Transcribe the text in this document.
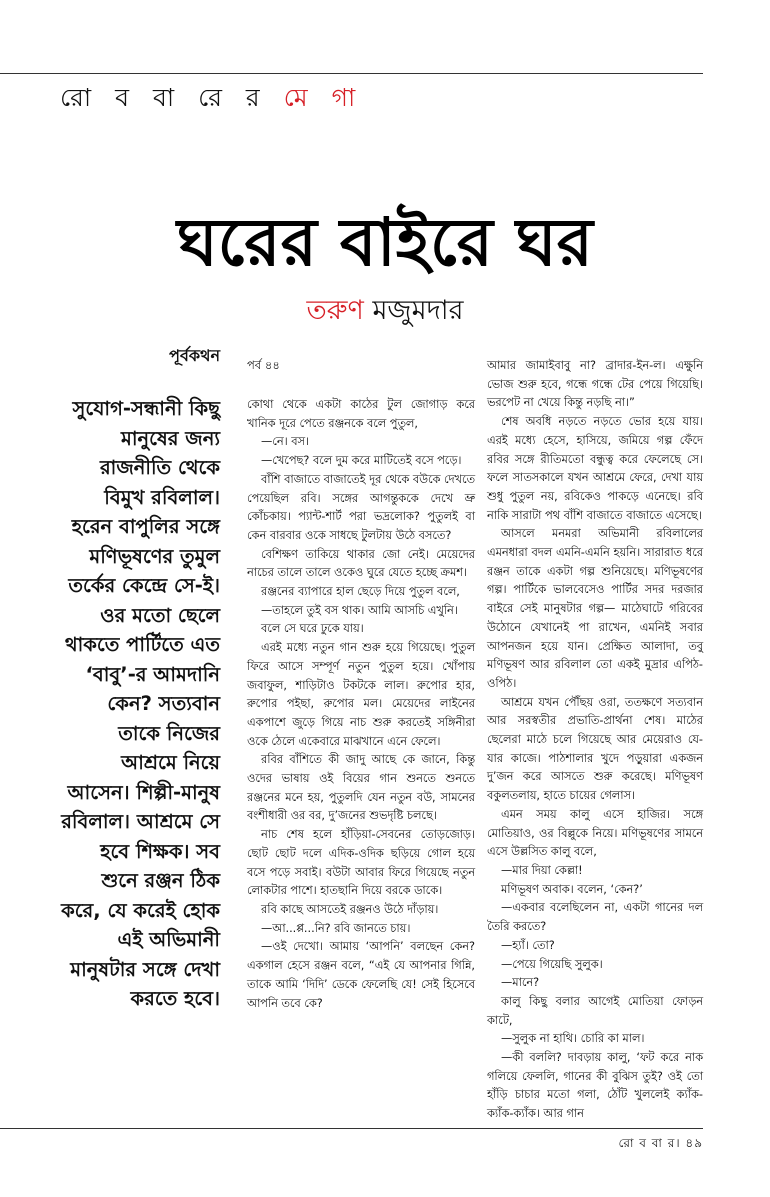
রো ব বা রে র মে গা
ঘরের বাইরে ঘর
তরুণ মজুমদার
পূর্বকথন
সুযোগ-সন্ধানী কিছু মানুষের জন্য রাজনীতি থেকে বিমুখ রবিলাল। হরেন বাপুলির সঙ্গে মণিভূষণের তুমুল তর্কের কেন্দ্রে সে-ই। ওর মতো ছেলে থাকতে পার্টিতে এত ‘বাবু’-র আমদানি কেন? সত্যবান তাকে নিজের আশ্রমে নিয়ে আসেন। শিল্পী-মানুষ রবিলাল। আশ্রমে সে হবে শিক্ষক। সব শুনে রঞ্জন ঠিক করে, যে করেই হোক এই অভিমানী মানুষটার সঙ্গে দেখা করতে হবে।
পর্ব ৪৪

কোথা থেকে একটা কাঠের টুল জোগাড় করে খানিক দূরে পেতে রঞ্জনকে বলে পুতুল,

—নে। বস।

—খেপেছ? বলে দুম করে মাটিতেই বসে পড়ে।

বাঁশি বাজাতে বাজাতেই দূর থেকে বউকে দেখতে পেয়েছিল রবি। সঙ্গের আগন্তুককে দেখে ভ্রু কোঁচকায়। প্যান্ট-শার্ট পরা ভদ্রলোক? পুতুলই বা কেন বারবার ওকে সাধছে টুলটায় উঠে বসতে?

বেশিক্ষণ তাকিয়ে থাকার জো নেই। মেয়েদের নাচের তালে তালে ওকেও ঘুরে যেতে হচ্ছে ক্রমশ।

রঞ্জনের ব্যাপারে হাল ছেড়ে দিয়ে পুতুল বলে,

—তাহলে তুই বস থাক। আমি আসচি এখুনি।

বলে সে ঘরে ঢুকে যায়।

এরই মধ্যে নতুন গান শুরু হয়ে গিয়েছে। পুতুল ফিরে আসে সম্পূর্ণ নতুন পুতুল হয়ে। খোঁপায় জবাফুল, শাড়িটাও টকটকে লাল। রুপোর হার, রুপোর পইছা, রুপোর মল। মেয়েদের লাইনের একপাশে জুড়ে গিয়ে নাচ শুরু করতেই সঙ্গিনীরা ওকে ঠেলে একেবারে মাঝখানে এনে ফেলে।

রবির বাঁশিতে কী জাদু আছে কে জানে, কিন্তু ওদের ভাষায় ওই বিয়ের গান শুনতে শুনতে রঞ্জনের মনে হয়, পুতুলদি যেন নতুন বউ, সামনের বংশীধারী ওর বর, দু’জনের শুভদৃষ্টি চলছে।

নাচ শেষ হলে হাঁড়িয়া-সেবনের তোড়জোড়। ছোট ছোট দলে এদিক-ওদিক ছড়িয়ে গোল হয়ে বসে পড়ে সবাই। বউটা আবার ফিরে গিয়েছে নতুন লোকটার পাশে। হাতছানি দিয়ে বরকে ডাকে।

রবি কাছে আসতেই রঞ্জনও উঠে দাঁড়ায়।

—আ...প্প...নি? রবি জানতে চায়।

—ওই দেখো। আমায় ‘আপনি’ বলছেন কেন? একগাল হেসে রঞ্জন বলে, “এই যে আপনার গিন্নি, তাকে আমি ‘দিদি’ ডেকে ফেলেছি যে! সেই হিসেবে আপনি তবে কে?

আমার জামাইবাবু না? ব্রাদার-ইন-ল। এক্ষুনি ভোজ শুরু হবে, গন্ধে গন্ধে টের পেয়ে গিয়েছি। ভরপেট না খেয়ে কিন্তু নড়ছি না।”

শেষ অবধি নড়তে নড়তে ভোর হয়ে যায়। এরই মধ্যে হেসে, হাসিয়ে, জমিয়ে গল্প ফেঁদে রবির সঙ্গে রীতিমতো বন্ধুত্ব করে ফেলেছে সে। ফলে সাতসকালে যখন আশ্রমে ফেরে, দেখা যায় শুধু পুতুল নয়, রবিকেও পাকড়ে এনেছে। রবি নাকি সারাটা পথ বাঁশি বাজাতে বাজাতে এসেছে।

আসলে মনমরা অভিমানী রবিলালের এমনধারা বদল এমনি-এমনি হয়নি। সারারাত ধরে রঞ্জন তাকে একটা গল্প শুনিয়েছে। মণিভূষণের গল্প। পার্টিকে ভালবেসেও পার্টির সদর দরজার বাইরে সেই মানুষটার গল্প— মাঠেঘাটে গরিবের উঠোনে যেখানেই পা রাখেন, এমনিই সবার আপনজন হয়ে যান। প্রেক্ষিত আলাদা, তবু মণিভূষণ আর রবিলাল তো একই মুদ্রার এপিঠ-ওপিঠ।

আশ্রমে যখন পৌঁছয় ওরা, ততক্ষণে সত্যবান আর সরস্বতীর প্রভাতি-প্রার্থনা শেষ। মাঠের ছেলেরা মাঠে চলে গিয়েছে আর মেয়েরাও যে-যার কাজে। পাঠশালার খুদে পড়ুয়ারা একজন দু’জন করে আসতে শুরু করেছে। মণিভূষণ বকুলতলায়, হাতে চায়ের গেলাস।

এমন সময় কালু এসে হাজির। সঙ্গে মোতিয়াও, ওর বিল্লুকে নিয়ে। মণিভূষণের সামনে এসে উল্লসিত কালু বলে,

—মার দিয়া কেল্লা!

মণিভূষণ অবাক। বলেন, ‘কেন?’

—একবার বলেছিলেন না, একটা গানের দল তৈরি করতে?

—হ্যাঁ। তো?

—পেয়ে গিয়েছি সুলুক।

—মানে?

কালু কিছু বলার আগেই মোতিয়া ফোড়ন কাটে,

—সুলুক না হাথি। চোরি কা মাল।

—কী বললি? দাবড়ায় কালু, ‘ফট করে নাক গলিয়ে ফেললি, গানের কী বুঝিস তুই? ওই তো হাঁড়ি চাচার মতো গলা, ঠোঁট খুললেই ক্যাঁক-ক্যাঁক-ক্যাঁক। আর গান

রো ব বা র। ৪৯
